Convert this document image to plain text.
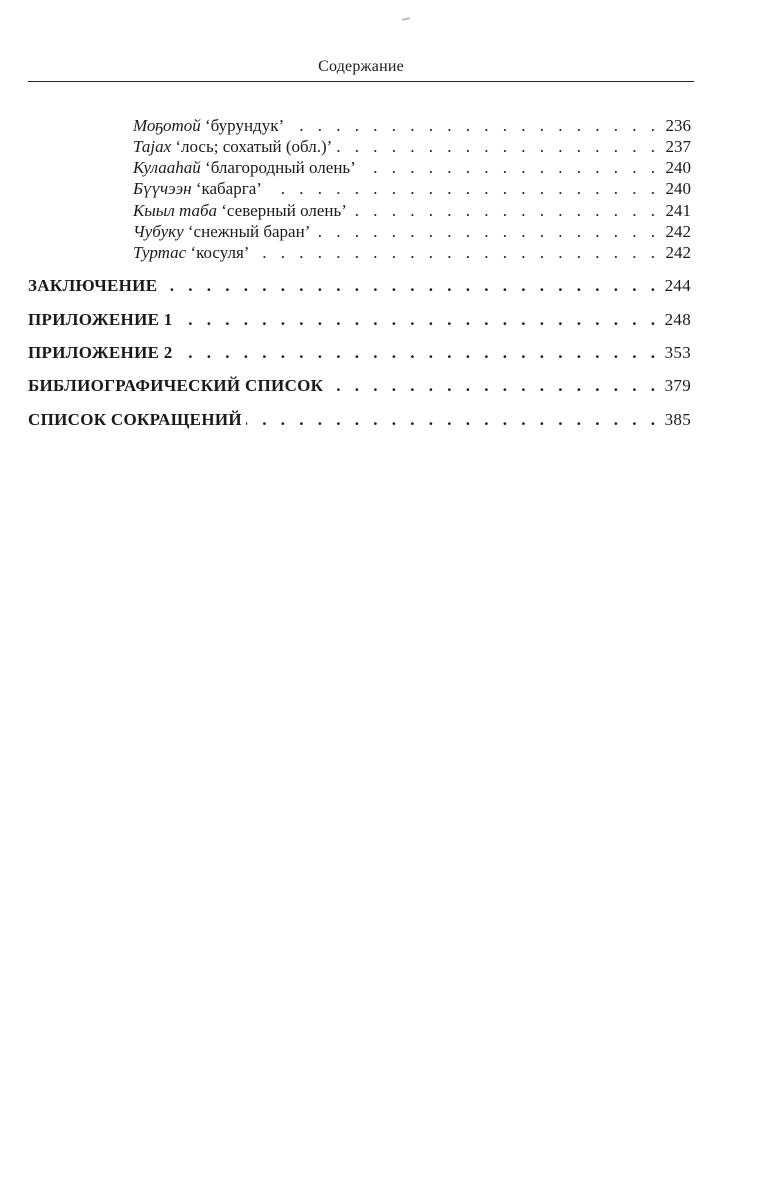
Содержание
Моҕотой ‘бурундук’ . . .	236
Тајах ‘лось; сохатый (обл.)’ . . .	237
Кулааһай ‘благородный олень’ . . .	240
Бүүчээн ‘кабарга’ . . .	240
Кыыл таба ‘северный олень’ . . .	241
Чубуку ‘снежный баран’ . . .	242
Туртас ‘косуля’ . . .	242
ЗАКЛЮЧЕНИЕ . . .	244
ПРИЛОЖЕНИЕ 1 . . .	248
ПРИЛОЖЕНИЕ 2 . . .	353
БИБЛИОГРАФИЧЕСКИЙ СПИСОК . . .	379
СПИСОК СОКРАЩЕНИЙ . . .	385
